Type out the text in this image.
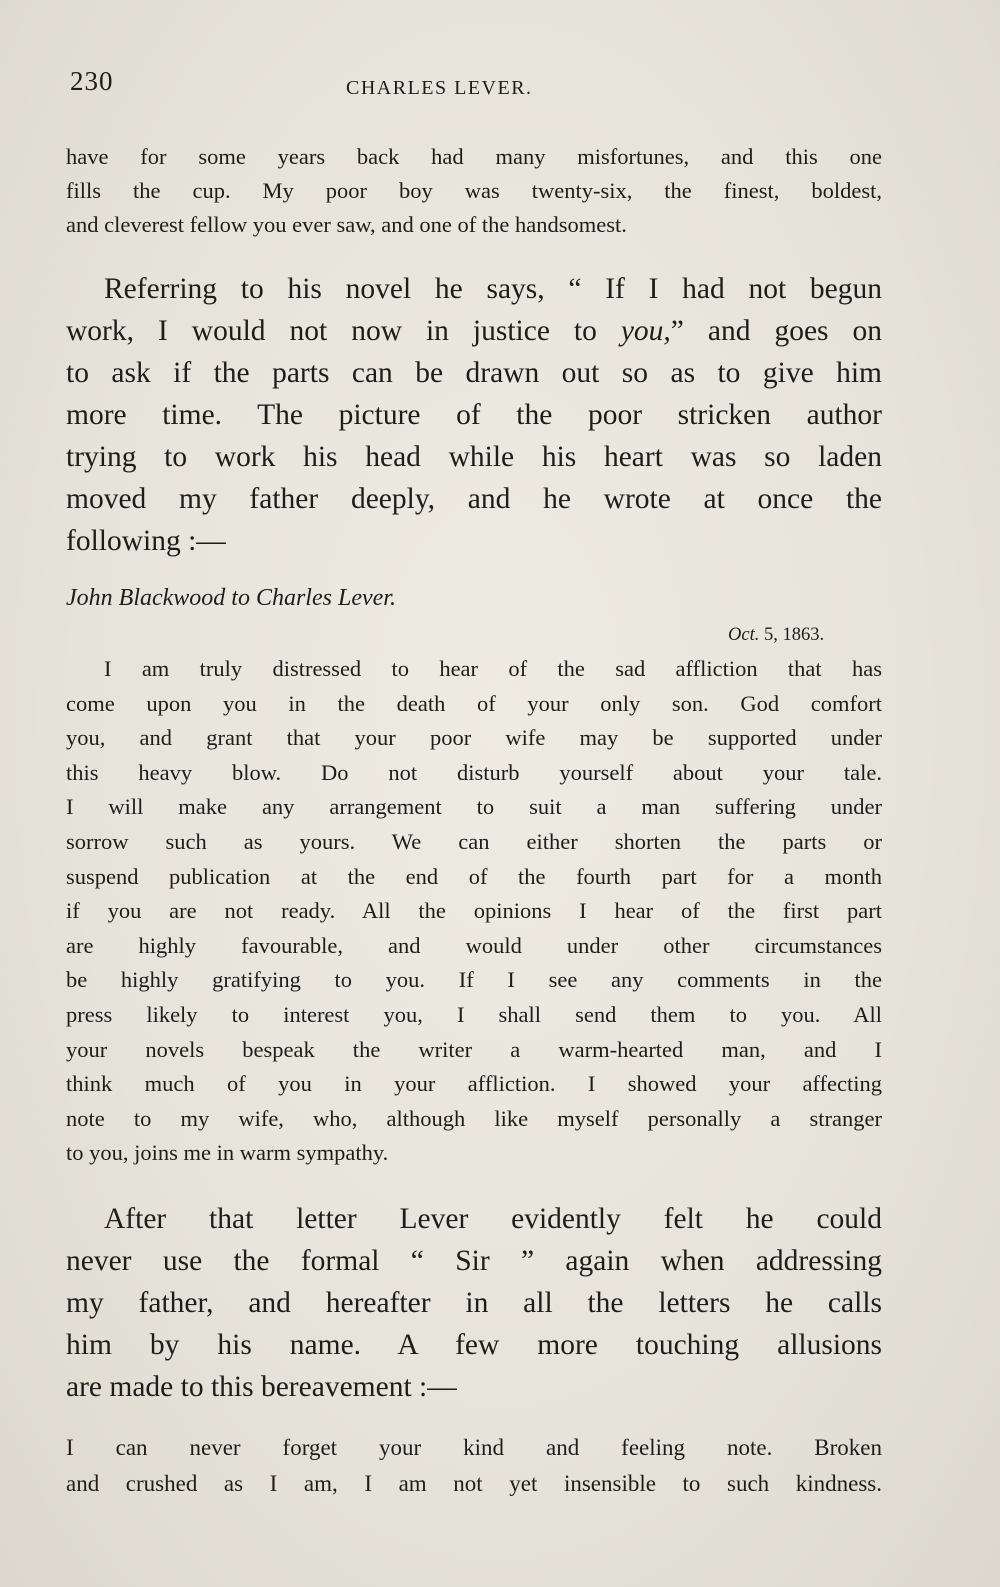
230	CHARLES LEVER.
have for some years back had many misfortunes, and this one
fills the cup. My poor boy was twenty-six, the finest, boldest,
and cleverest fellow you ever saw, and one of the handsomest.
Referring to his novel he says, “ If I had not begun
work, I would not now in justice to you,” and goes on
to ask if the parts can be drawn out so as to give him
more time. The picture of the poor stricken author
trying to work his head while his heart was so laden
moved my father deeply, and he wrote at once the
following :—
John Blackwood to Charles Lever.
Oct. 5, 1863.
I am truly distressed to hear of the sad affliction that has
come upon you in the death of your only son. God comfort
you, and grant that your poor wife may be supported under
this heavy blow. Do not disturb yourself about your tale.
I will make any arrangement to suit a man suffering under
sorrow such as yours. We can either shorten the parts or
suspend publication at the end of the fourth part for a month
if you are not ready. All the opinions I hear of the first part
are highly favourable, and would under other circumstances
be highly gratifying to you. If I see any comments in the
press likely to interest you, I shall send them to you. All
your novels bespeak the writer a warm-hearted man, and I
think much of you in your affliction. I showed your affecting
note to my wife, who, although like myself personally a stranger
to you, joins me in warm sympathy.
After that letter Lever evidently felt he could
never use the formal “ Sir ” again when addressing
my father, and hereafter in all the letters he calls
him by his name. A few more touching allusions
are made to this bereavement :—
I can never forget your kind and feeling note. Broken
and crushed as I am, I am not yet insensible to such kindness.
